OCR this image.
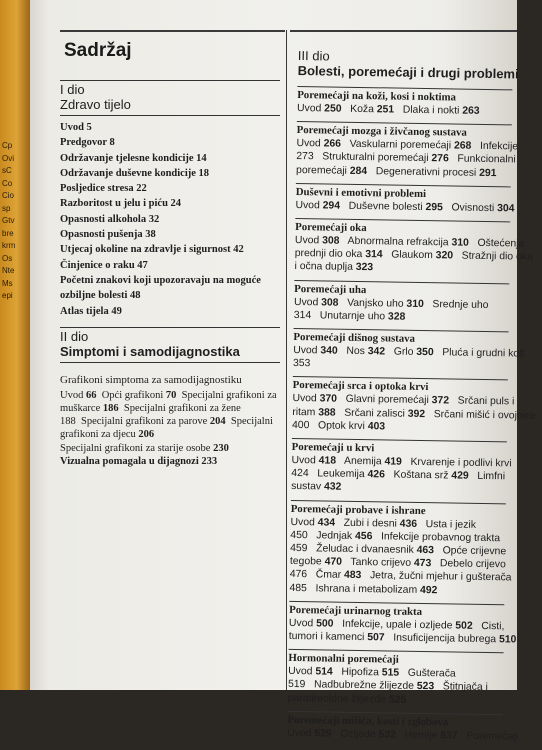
CpOvisCCoCiospGtvbrekrmOsNteMsepi
Sadržaj
I dio
Zdravo tijelo
Uvod 5
Predgovor 8
Održavanje tjelesne kondicije 14
Održavanje duševne kondicije 18
Posljedice stresa 22
Razboritost u jelu i piću 24
Opasnosti alkohola 32
Opasnosti pušenja 38
Utjecaj okoline na zdravlje i sigurnost 42
Činjenice o raku 47
Početni znakovi koji upozoravaju na moguće
ozbiljne bolesti 48
Atlas tijela 49
II dio
Simptomi i samodijagnostika
Grafikoni simptoma za samodijagnostiku
Uvod 66  Opći grafikoni 70  Specijalni grafikoni za
muškarce 186  Specijalni grafikoni za žene
188  Specijalni grafikoni za parove 204  Specijalni
grafikoni za djecu 206
Specijalni grafikoni za starije osobe 230
Vizualna pomagala u dijagnozi 233
III dio
Bolesti, poremećaji i drugi problemi
Poremećaji na koži, kosi i noktima
Uvod 250   Koža 251   Dlaka i nokti 263
Poremećaji mozga i živčanog sustava
Uvod 266   Vaskularni poremećaji 268   Infekcije
273   Strukturalni poremećaji 276   Funkcionalni
poremećaji 284   Degenerativni procesi 291
Duševni i emotivni problemi
Uvod 294   Duševne bolesti 295   Ovisnosti 304
Poremećaji oka
Uvod 308   Abnormalna refrakcija 310   Oštećenja
prednji dio oka 314   Glaukom 320   Stražnji dio oka
i očna duplja 323
Poremećaji uha
Uvod 308   Vanjsko uho 310   Srednje uho
314   Unutarnje uho 328
Poremećaji dišnog sustava
Uvod 340   Nos 342   Grlo 350   Pluća i grudni koš
353
Poremećaji srca i optoka krvi
Uvod 370   Glavni poremećaji 372   Srčani puls i
ritam 388   Srčani zalisci 392   Srčani mišić i ovojnice
400   Optok krvi 403
Poremećaji u krvi
Uvod 418   Anemija 419   Krvarenje i podlivi krvi
424   Leukemija 426   Koštana srž 429   Limfni
sustav 432
Poremećaji probave i ishrane
Uvod 434   Zubi i desni 436   Usta i jezik
450   Jednjak 456   Infekcije probavnog trakta
459   Želudac i dvanaesnik 463   Opće crijevne
tegobe 470   Tanko crijevo 473   Debelo crijevo
476   Čmar 483   Jetra, žučni mjehur i gušterača
485   Ishrana i metabolizam 492
Poremećaji urinarnog trakta
Uvod 500   Infekcije, upale i ozljede 502   Cisti,
tumori i kamenci 507   Insuficijencija bubrega 510
Hormonalni poremećaji
Uvod 514   Hipofiza 515   Gušterača
519   Nadbubrežne žlijezde 523   Štitnjača i
paratireoidne žlijezde 525
Poremećaji mišića, kosti i zglobova
Uvod 529   Ozljede 532   Hernije 537   Poremećaji
